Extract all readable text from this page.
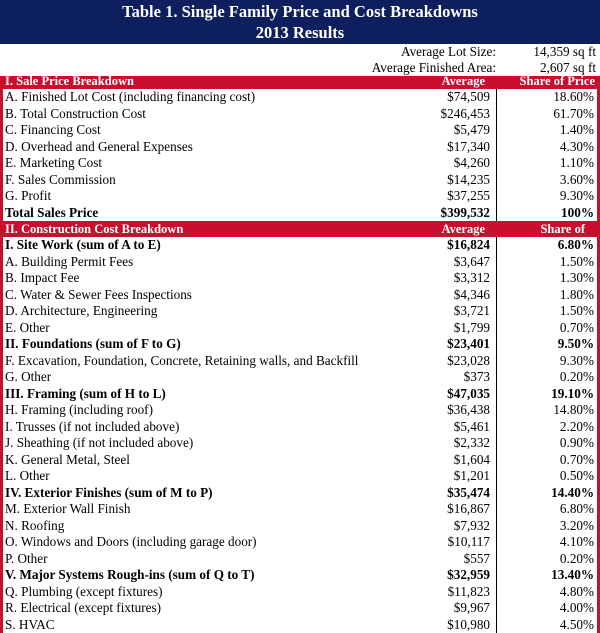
Table 1. Single Family Price and Cost Breakdowns
2013 Results
Average Lot Size:	14,359 sq ft
Average Finished Area:	2,607 sq ft
I. Sale Price Breakdown	Average	Share of Price
A. Finished Lot Cost (including financing cost)	$74,509	18.60%
B. Total Construction Cost	$246,453	61.70%
C. Financing Cost	$5,479	1.40%
D. Overhead and General Expenses	$17,340	4.30%
E. Marketing Cost	$4,260	1.10%
F. Sales Commission	$14,235	3.60%
G. Profit	$37,255	9.30%
Total Sales Price	$399,532	100%
II. Construction Cost Breakdown	Average	Share of
I. Site Work (sum of A to E)	$16,824	6.80%
A. Building Permit Fees	$3,647	1.50%
B. Impact Fee	$3,312	1.30%
C. Water & Sewer Fees Inspections	$4,346	1.80%
D. Architecture, Engineering	$3,721	1.50%
E. Other	$1,799	0.70%
II. Foundations (sum of F to G)	$23,401	9.50%
F. Excavation, Foundation, Concrete, Retaining walls, and Backfill	$23,028	9.30%
G. Other	$373	0.20%
III. Framing (sum of H to L)	$47,035	19.10%
H. Framing (including roof)	$36,438	14.80%
I. Trusses (if not included above)	$5,461	2.20%
J. Sheathing (if not included above)	$2,332	0.90%
K. General Metal, Steel	$1,604	0.70%
L. Other	$1,201	0.50%
IV. Exterior Finishes (sum of M to P)	$35,474	14.40%
M. Exterior Wall Finish	$16,867	6.80%
N. Roofing	$7,932	3.20%
O. Windows and Doors (including garage door)	$10,117	4.10%
P. Other	$557	0.20%
V. Major Systems Rough-ins (sum of Q to T)	$32,959	13.40%
Q. Plumbing (except fixtures)	$11,823	4.80%
R. Electrical (except fixtures)	$9,967	4.00%
S. HVAC	$10,980	4.50%
